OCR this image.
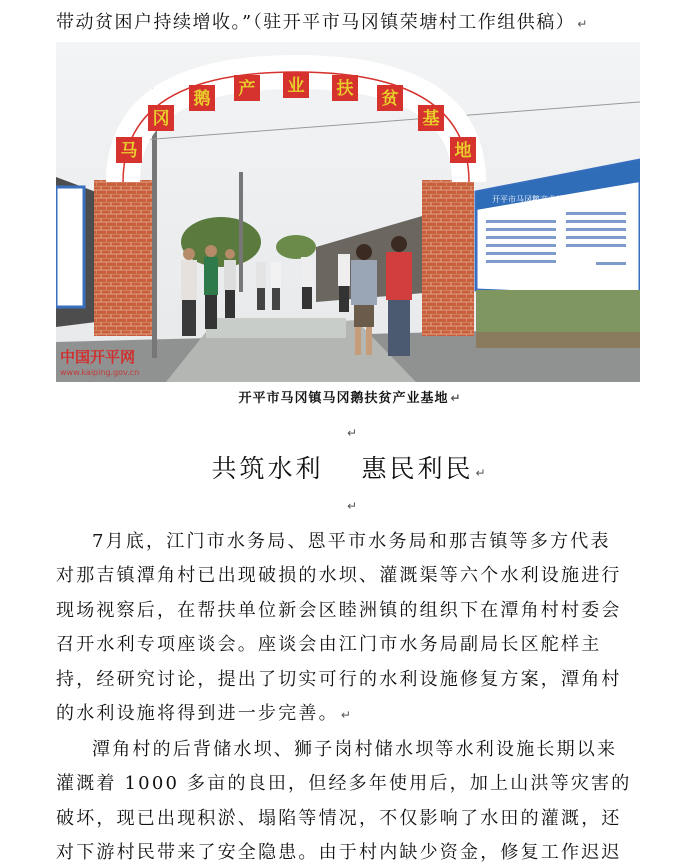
带动贫困户持续增收。”（驻开平市马冈镇荣塘村工作组供稿） ↵
马
冈
鹅 产 业 扶 贫
基
地
开平市马冈鹅产业扶贫基地简介
中国开平网
www.kaiping.gov.cn
开平市马冈镇马冈鹅扶贫产业基地 ↵
↵
共筑水利 惠民利民 ↵
↵
7月底，江门市水务局、恩平市水务局和那吉镇等多方代表
对那吉镇潭角村已出现破损的水坝、灌溉渠等六个水利设施进行
现场视察后，在帮扶单位新会区睦洲镇的组织下在潭角村村委会
召开水利专项座谈会。座谈会由江门市水务局副局长区舵样主
持，经研究讨论，提出了切实可行的水利设施修复方案，潭角村
的水利设施将得到进一步完善。 ↵
潭角村的后背储水坝、狮子岗村储水坝等水利设施长期以来
灌溉着 1000 多亩的良田，但经多年使用后，加上山洪等灾害的
破坏，现已出现积淤、塌陷等情况，不仅影响了水田的灌溉，还
对下游村民带来了安全隐患。由于村内缺少资金，修复工作迟迟
